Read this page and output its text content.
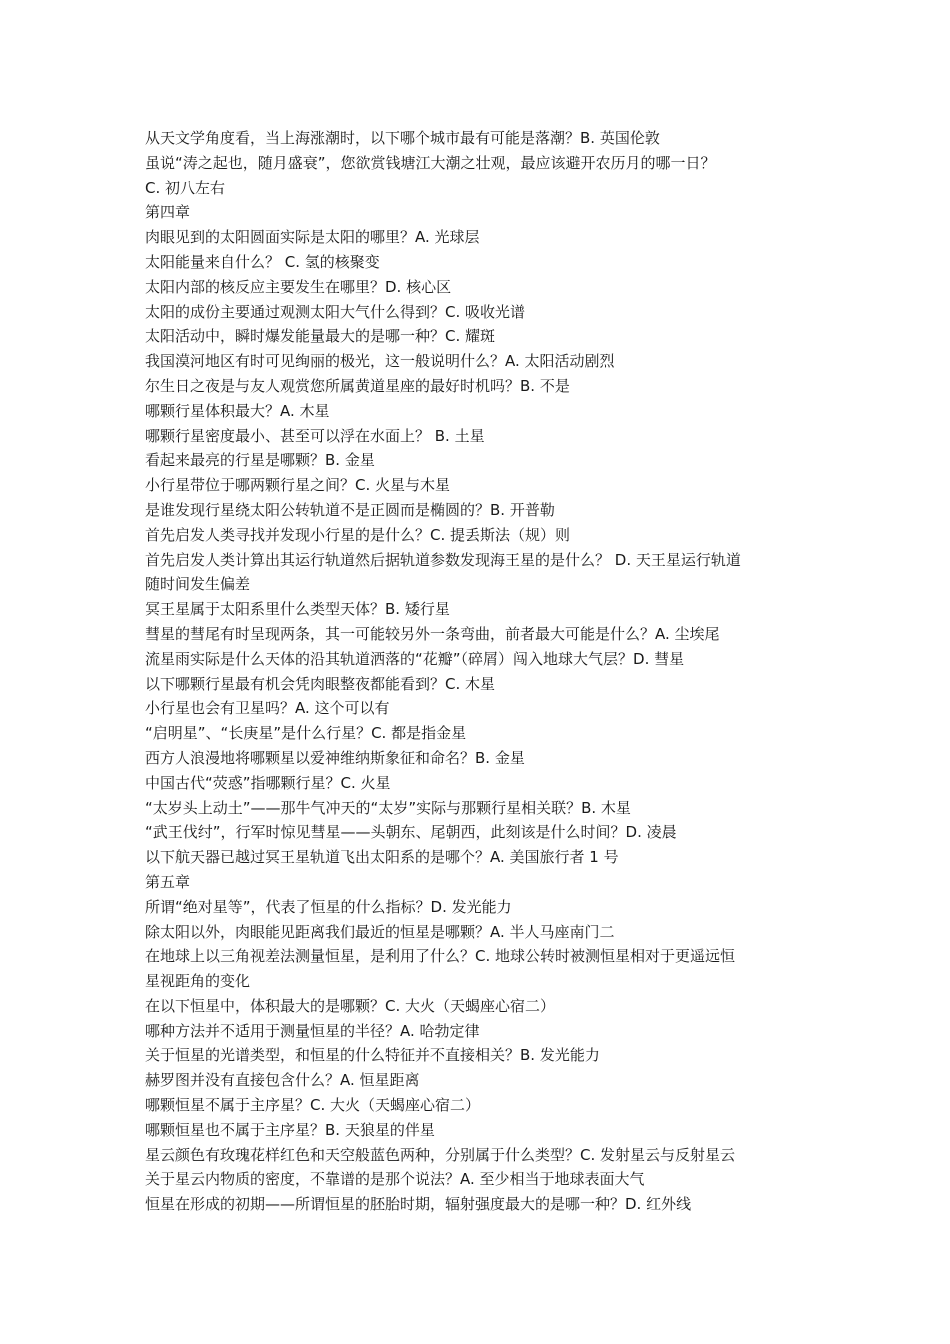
从天文学角度看，当上海涨潮时，以下哪个城市最有可能是落潮？B. 英国伦敦
虽说“涛之起也，随月盛衰”，您欲赏钱塘江大潮之壮观，最应该避开农历月的哪一日？
C. 初八左右
第四章
肉眼见到的太阳圆面实际是太阳的哪里？A. 光球层
太阳能量来自什么？ C. 氢的核聚变
太阳内部的核反应主要发生在哪里？D. 核心区
太阳的成份主要通过观测太阳大气什么得到？C. 吸收光谱
太阳活动中，瞬时爆发能量最大的是哪一种？C. 耀斑
我国漠河地区有时可见绚丽的极光，这一般说明什么？A. 太阳活动剧烈
尔生日之夜是与友人观赏您所属黄道星座的最好时机吗？B. 不是
哪颗行星体积最大？A. 木星
哪颗行星密度最小、甚至可以浮在水面上？ B. 土星
看起来最亮的行星是哪颗？B. 金星
小行星带位于哪两颗行星之间？C. 火星与木星
是谁发现行星绕太阳公转轨道不是正圆而是椭圆的？B. 开普勒
首先启发人类寻找并发现小行星的是什么？C. 提丢斯法（规）则
首先启发人类计算出其运行轨道然后据轨道参数发现海王星的是什么？ D. 天王星运行轨道
随时间发生偏差
冥王星属于太阳系里什么类型天体？B. 矮行星
彗星的彗尾有时呈现两条，其一可能较另外一条弯曲，前者最大可能是什么？A. 尘埃尾
流星雨实际是什么天体的沿其轨道洒落的“花瓣”（碎屑）闯入地球大气层？D. 彗星
以下哪颗行星最有机会凭肉眼整夜都能看到？C. 木星
小行星也会有卫星吗？A. 这个可以有
“启明星”、“长庚星”是什么行星？C. 都是指金星
西方人浪漫地将哪颗星以爱神维纳斯象征和命名？B. 金星
中国古代“荧惑”指哪颗行星？C. 火星
“太岁头上动土”——那牛气冲天的“太岁”实际与那颗行星相关联？B. 木星
“武王伐纣”，行军时惊见彗星——头朝东、尾朝西，此刻该是什么时间？D. 凌晨
以下航天器已越过冥王星轨道飞出太阳系的是哪个？A. 美国旅行者 1 号
第五章
所谓“绝对星等”，代表了恒星的什么指标？D. 发光能力
除太阳以外，肉眼能见距离我们最近的恒星是哪颗？A. 半人马座南门二
在地球上以三角视差法测量恒星，是利用了什么？C. 地球公转时被测恒星相对于更遥远恒
星视距角的变化
在以下恒星中，体积最大的是哪颗？C. 大火（天蝎座心宿二）
哪种方法并不适用于测量恒星的半径？A. 哈勃定律
关于恒星的光谱类型，和恒星的什么特征并不直接相关？B. 发光能力
赫罗图并没有直接包含什么？A. 恒星距离
哪颗恒星不属于主序星？C. 大火（天蝎座心宿二）
哪颗恒星也不属于主序星？B. 天狼星的伴星
星云颜色有玫瑰花样红色和天空般蓝色两种，分别属于什么类型？C. 发射星云与反射星云
关于星云内物质的密度，不靠谱的是那个说法？A. 至少相当于地球表面大气
恒星在形成的初期——所谓恒星的胚胎时期，辐射强度最大的是哪一种？D. 红外线
